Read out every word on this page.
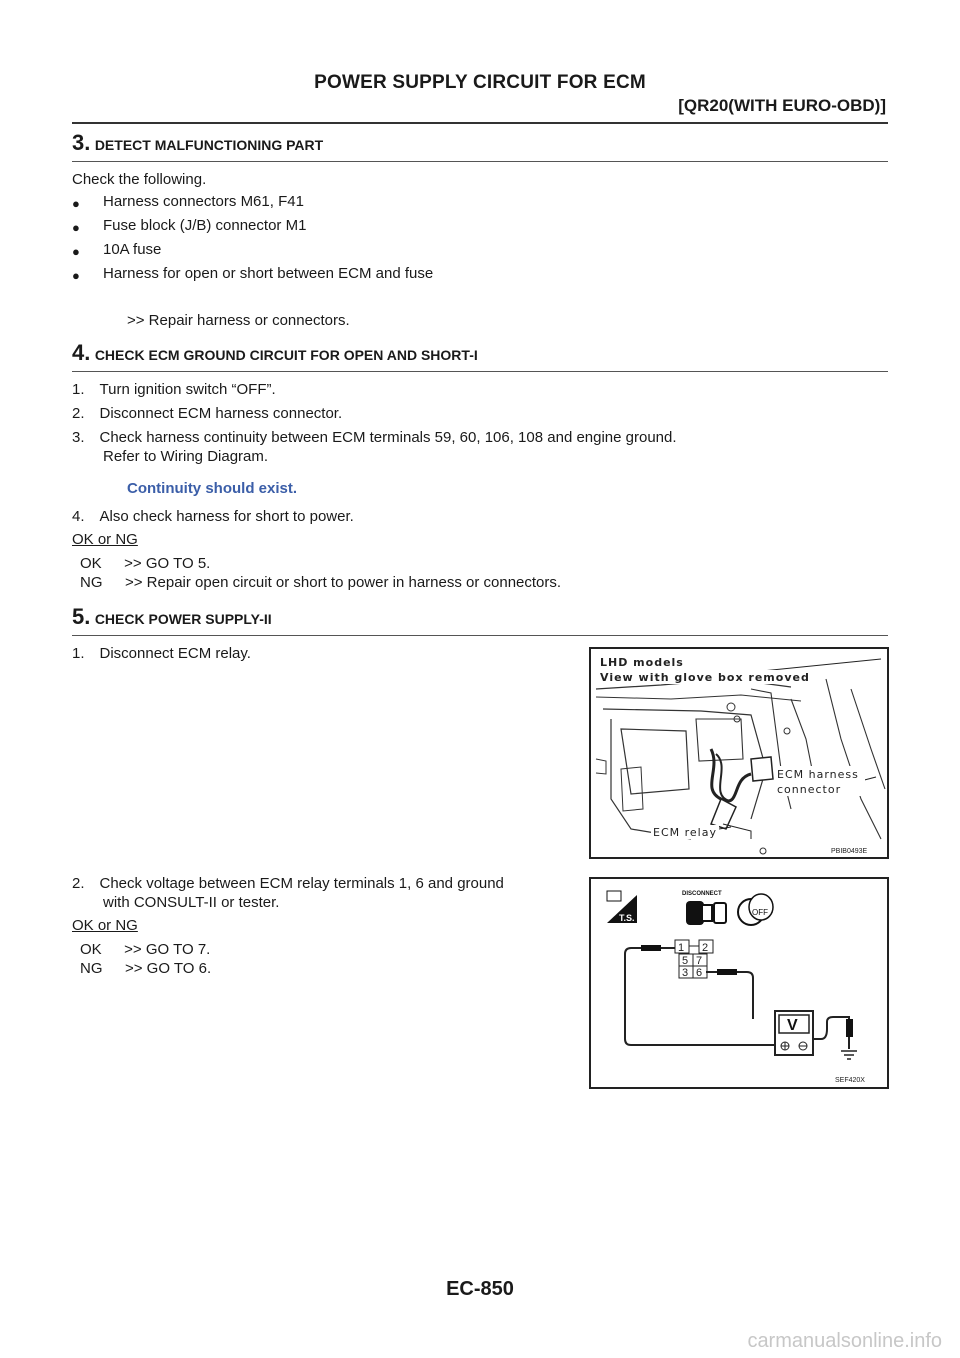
POWER SUPPLY CIRCUIT FOR ECM
[QR20(WITH EURO-OBD)]
3. DETECT MALFUNCTIONING PART
Check the following.
● Harness connectors M61, F41
● Fuse block (J/B) connector M1
● 10A fuse
● Harness for open or short between ECM and fuse
>> Repair harness or connectors.
4. CHECK ECM GROUND CIRCUIT FOR OPEN AND SHORT-I
1. Turn ignition switch “OFF”.
2. Disconnect ECM harness connector.
3. Check harness continuity between ECM terminals 59, 60, 106, 108 and engine ground.
Refer to Wiring Diagram.
Continuity should exist.
4. Also check harness for short to power.
OK or NG
OK  >> GO TO 5.
NG  >> Repair open circuit or short to power in harness or connectors.
5. CHECK POWER SUPPLY-II
1. Disconnect ECM relay.
LHD models
View with glove box removed
ECM harness
connector
ECM relay
PBIB0493E
2. Check voltage between ECM relay terminals 1, 6 and ground
with CONSULT-II or tester.
OK or NG
OK  >> GO TO 7.
NG  >> GO TO 6.
T.S.
DISCONNECT
OFF
1 2
5 7
3 6
V
SEF420X
EC-850
carmanualsonline.info
